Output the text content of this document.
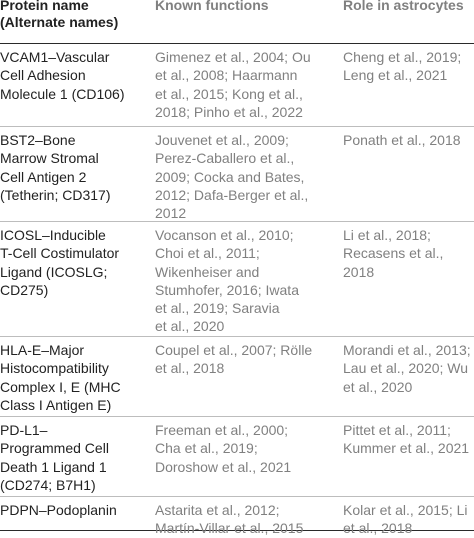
Protein name
(Alternate names)
Known functions	Role in astrocytes
VCAM1–Vascular
Cell Adhesion
Molecule 1 (CD106)
Gimenez et al., 2004; Ou
et al., 2008; Haarmann
et al., 2015; Kong et al.,
2018; Pinho et al., 2022
Cheng et al., 2019;
Leng et al., 2021
BST2–Bone
Marrow Stromal
Cell Antigen 2
(Tetherin; CD317)
Jouvenet et al., 2009;
Perez-Caballero et al.,
2009; Cocka and Bates,
2012; Dafa-Berger et al.,
2012
Ponath et al., 2018
ICOSL–Inducible
T-Cell Costimulator
Ligand (ICOSLG;
CD275)
Vocanson et al., 2010;
Choi et al., 2011;
Wikenheiser and
Stumhofer, 2016; Iwata
et al., 2019; Saravia
et al., 2020
Li et al., 2018;
Recasens et al., 2018
HLA-E–Major
Histocompatibility
Complex I, E (MHC
Class I Antigen E)
Coupel et al., 2007; Rölle
et al., 2018
Morandi et al., 2013;
Lau et al., 2020; Wu
et al., 2020
PD-L1–
Programmed Cell
Death 1 Ligand 1
(CD274; B7H1)
Freeman et al., 2000;
Cha et al., 2019;
Doroshow et al., 2021
Pittet et al., 2011;
Kummer et al., 2021
PDPN–Podoplanin	Astarita et al., 2012;
Martín-Villar et al., 2015
Kolar et al., 2015; Li
et al., 2018
